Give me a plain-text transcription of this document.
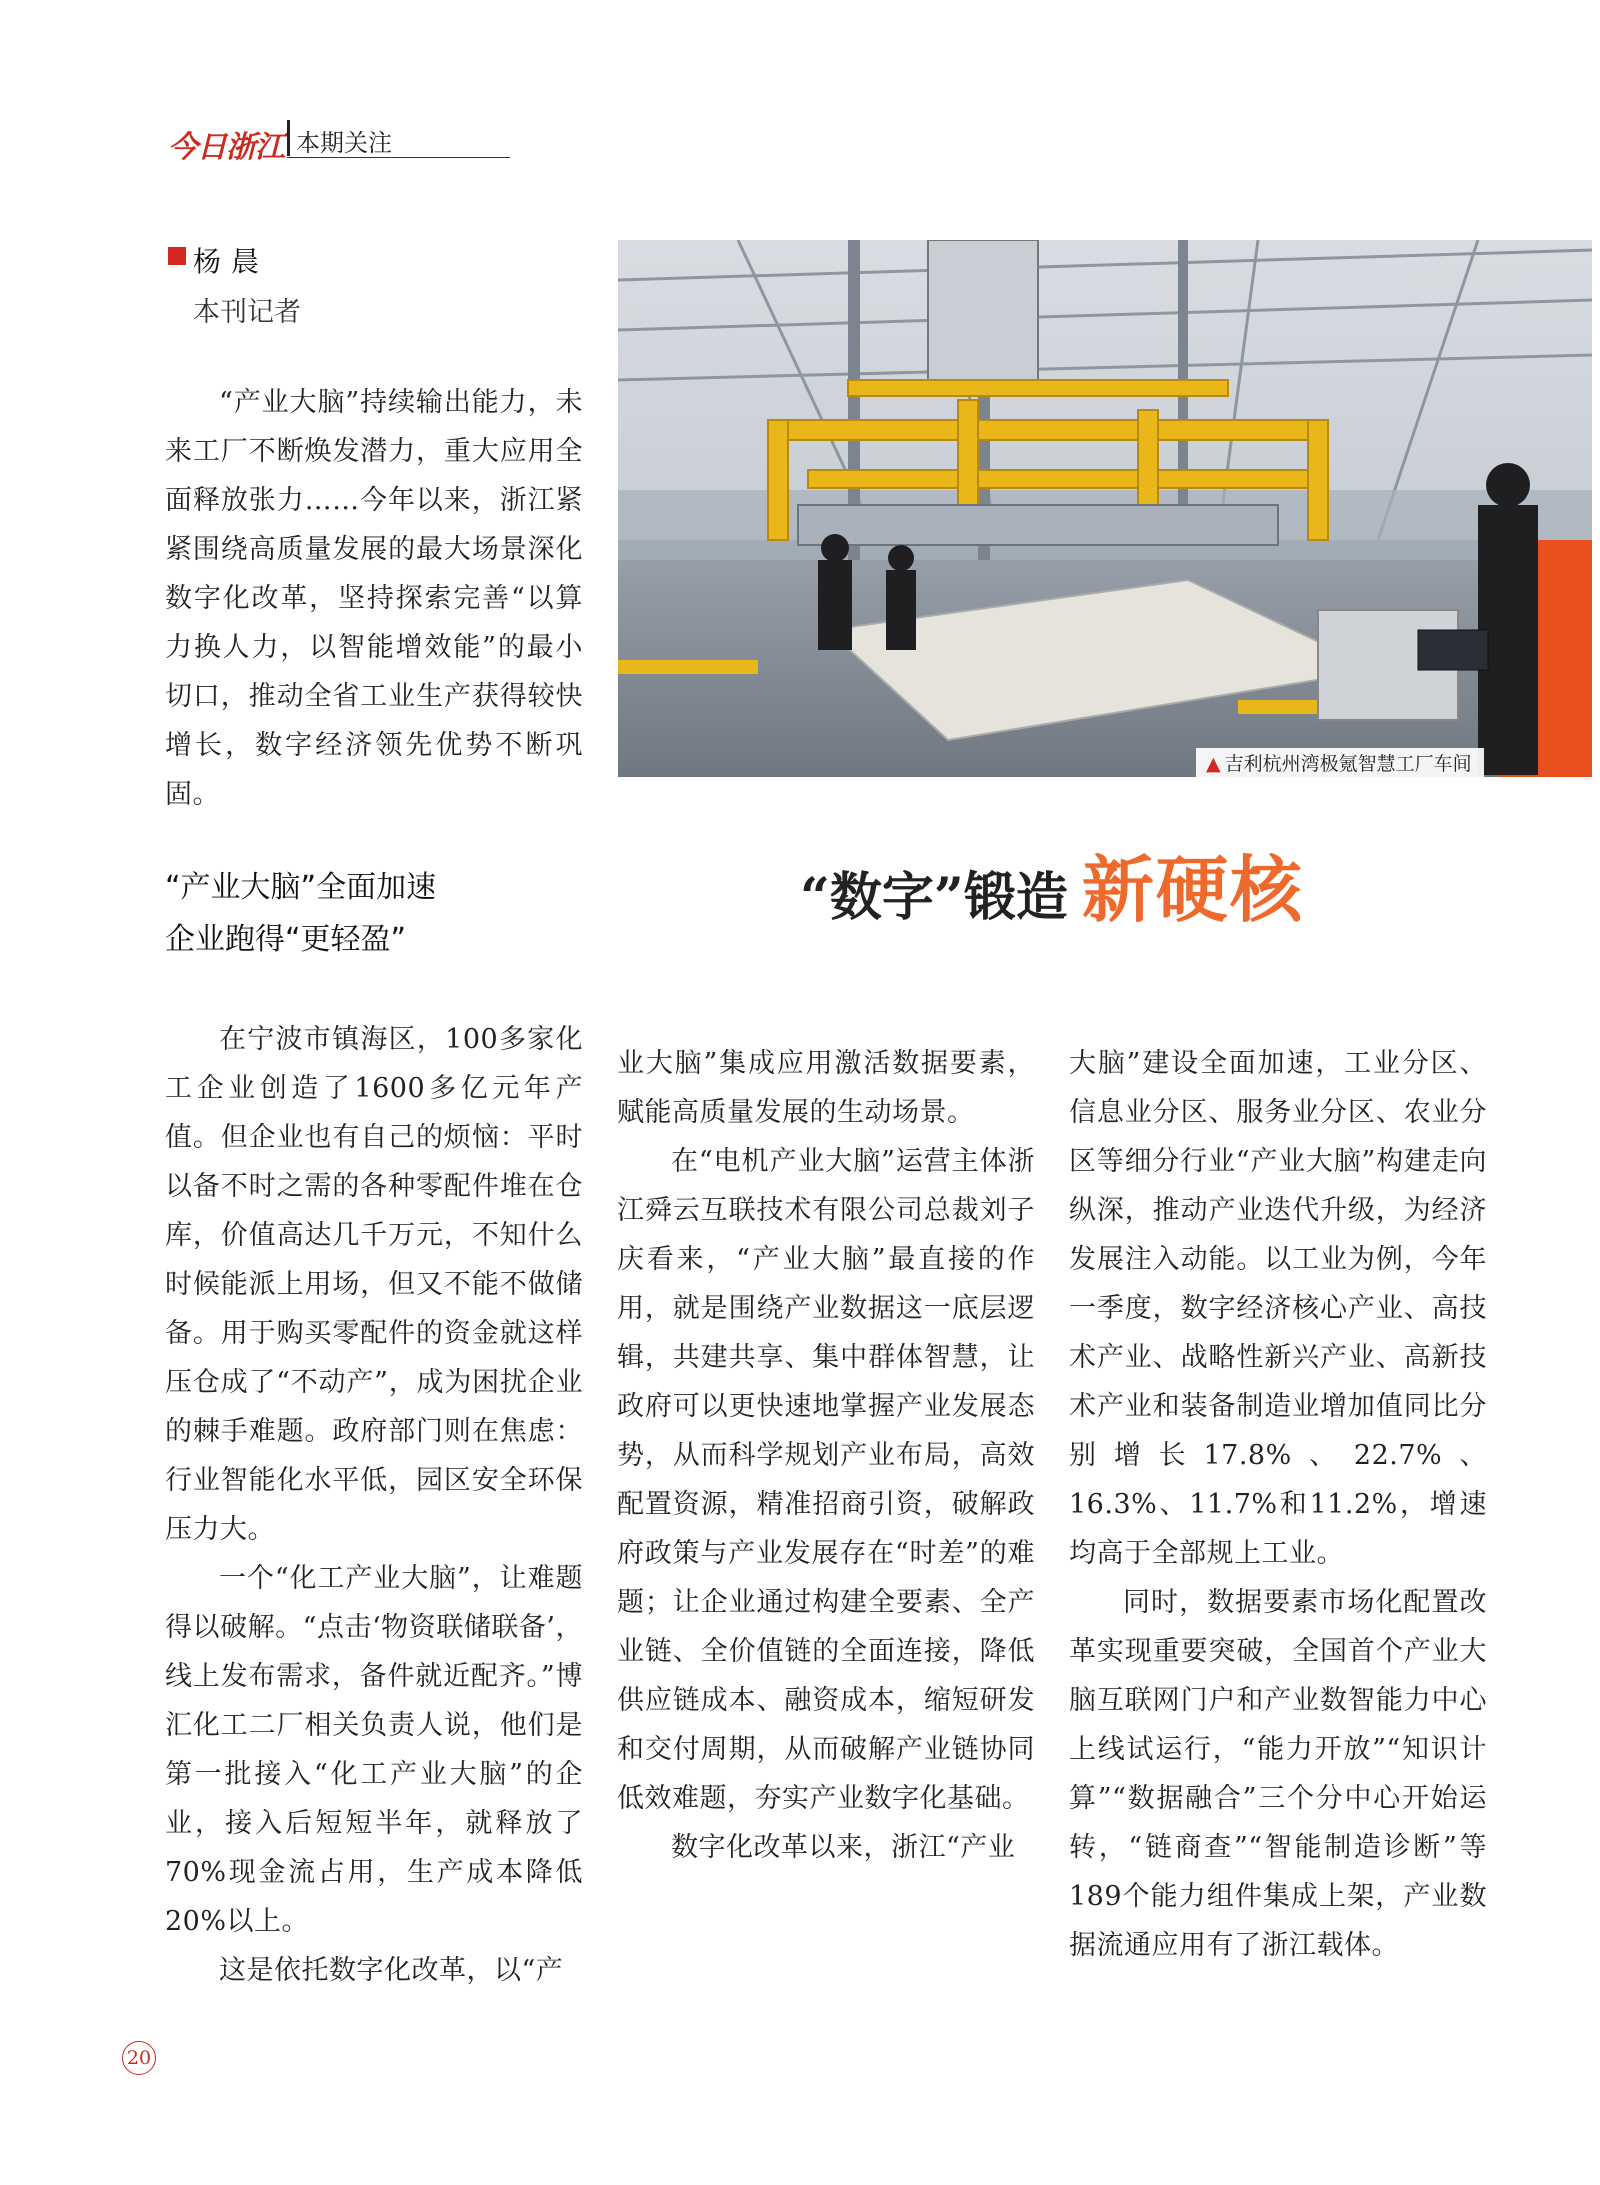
今日浙江 本期关注
杨晨
本刊记者

“产业大脑”持续输出能力，未来工厂不断焕发潜力，重大应用全面释放张力……今年以来，浙江紧紧围绕高质量发展的最大场景深化数字化改革，坚持探索完善“以算力换人力，以智能增效能”的最小切口，推动全省工业生产获得较快增长，数字经济领先优势不断巩固。

▲ 吉利杭州湾极氪智慧工厂车间
“产业大脑”全面加速
企业跑得“更轻盈”
“数字”锻造 新硬核

在宁波市镇海区，100多家化工企业创造了1600多亿元年产值。但企业也有自己的烦恼：平时以备不时之需的各种零配件堆在仓库，价值高达几千万元，不知什么时候能派上用场，但又不能不做储备。用于购买零配件的资金就这样压仓成了“不动产”，成为困扰企业的棘手难题。政府部门则在焦虑：行业智能化水平低，园区安全环保压力大。

一个“化工产业大脑”，让难题得以破解。“点击‘物资联储联备’，线上发布需求，备件就近配齐。”博汇化工二厂相关负责人说，他们是第一批接入“化工产业大脑”的企业，接入后短短半年，就释放了70%现金流占用，生产成本降低20%以上。

这是依托数字化改革，以“产

业大脑”集成应用激活数据要素，赋能高质量发展的生动场景。

在“电机产业大脑”运营主体浙江舜云互联技术有限公司总裁刘子庆看来，“产业大脑”最直接的作用，就是围绕产业数据这一底层逻辑，共建共享、集中群体智慧，让政府可以更快速地掌握产业发展态势，从而科学规划产业布局，高效配置资源，精准招商引资，破解政府政策与产业发展存在“时差”的难题；让企业通过构建全要素、全产业链、全价值链的全面连接，降低供应链成本、融资成本，缩短研发和交付周期，从而破解产业链协同低效难题，夯实产业数字化基础。

数字化改革以来，浙江“产业

大脑”建设全面加速，工业分区、信息业分区、服务业分区、农业分区等细分行业“产业大脑”构建走向纵深，推动产业迭代升级，为经济发展注入动能。以工业为例，今年一季度，数字经济核心产业、高技术产业、战略性新兴产业、高新技术产业和装备制造业增加值同比分别增长17.8%、22.7%、16.3%、11.7%和11.2%，增速均高于全部规上工业。

同时，数据要素市场化配置改革实现重要突破，全国首个产业大脑互联网门户和产业数智能力中心上线试运行，“能力开放”“知识计算”“数据融合”三个分中心开始运转，“链商查”“智能制造诊断”等189个能力组件集成上架，产业数据流通应用有了浙江载体。

20
